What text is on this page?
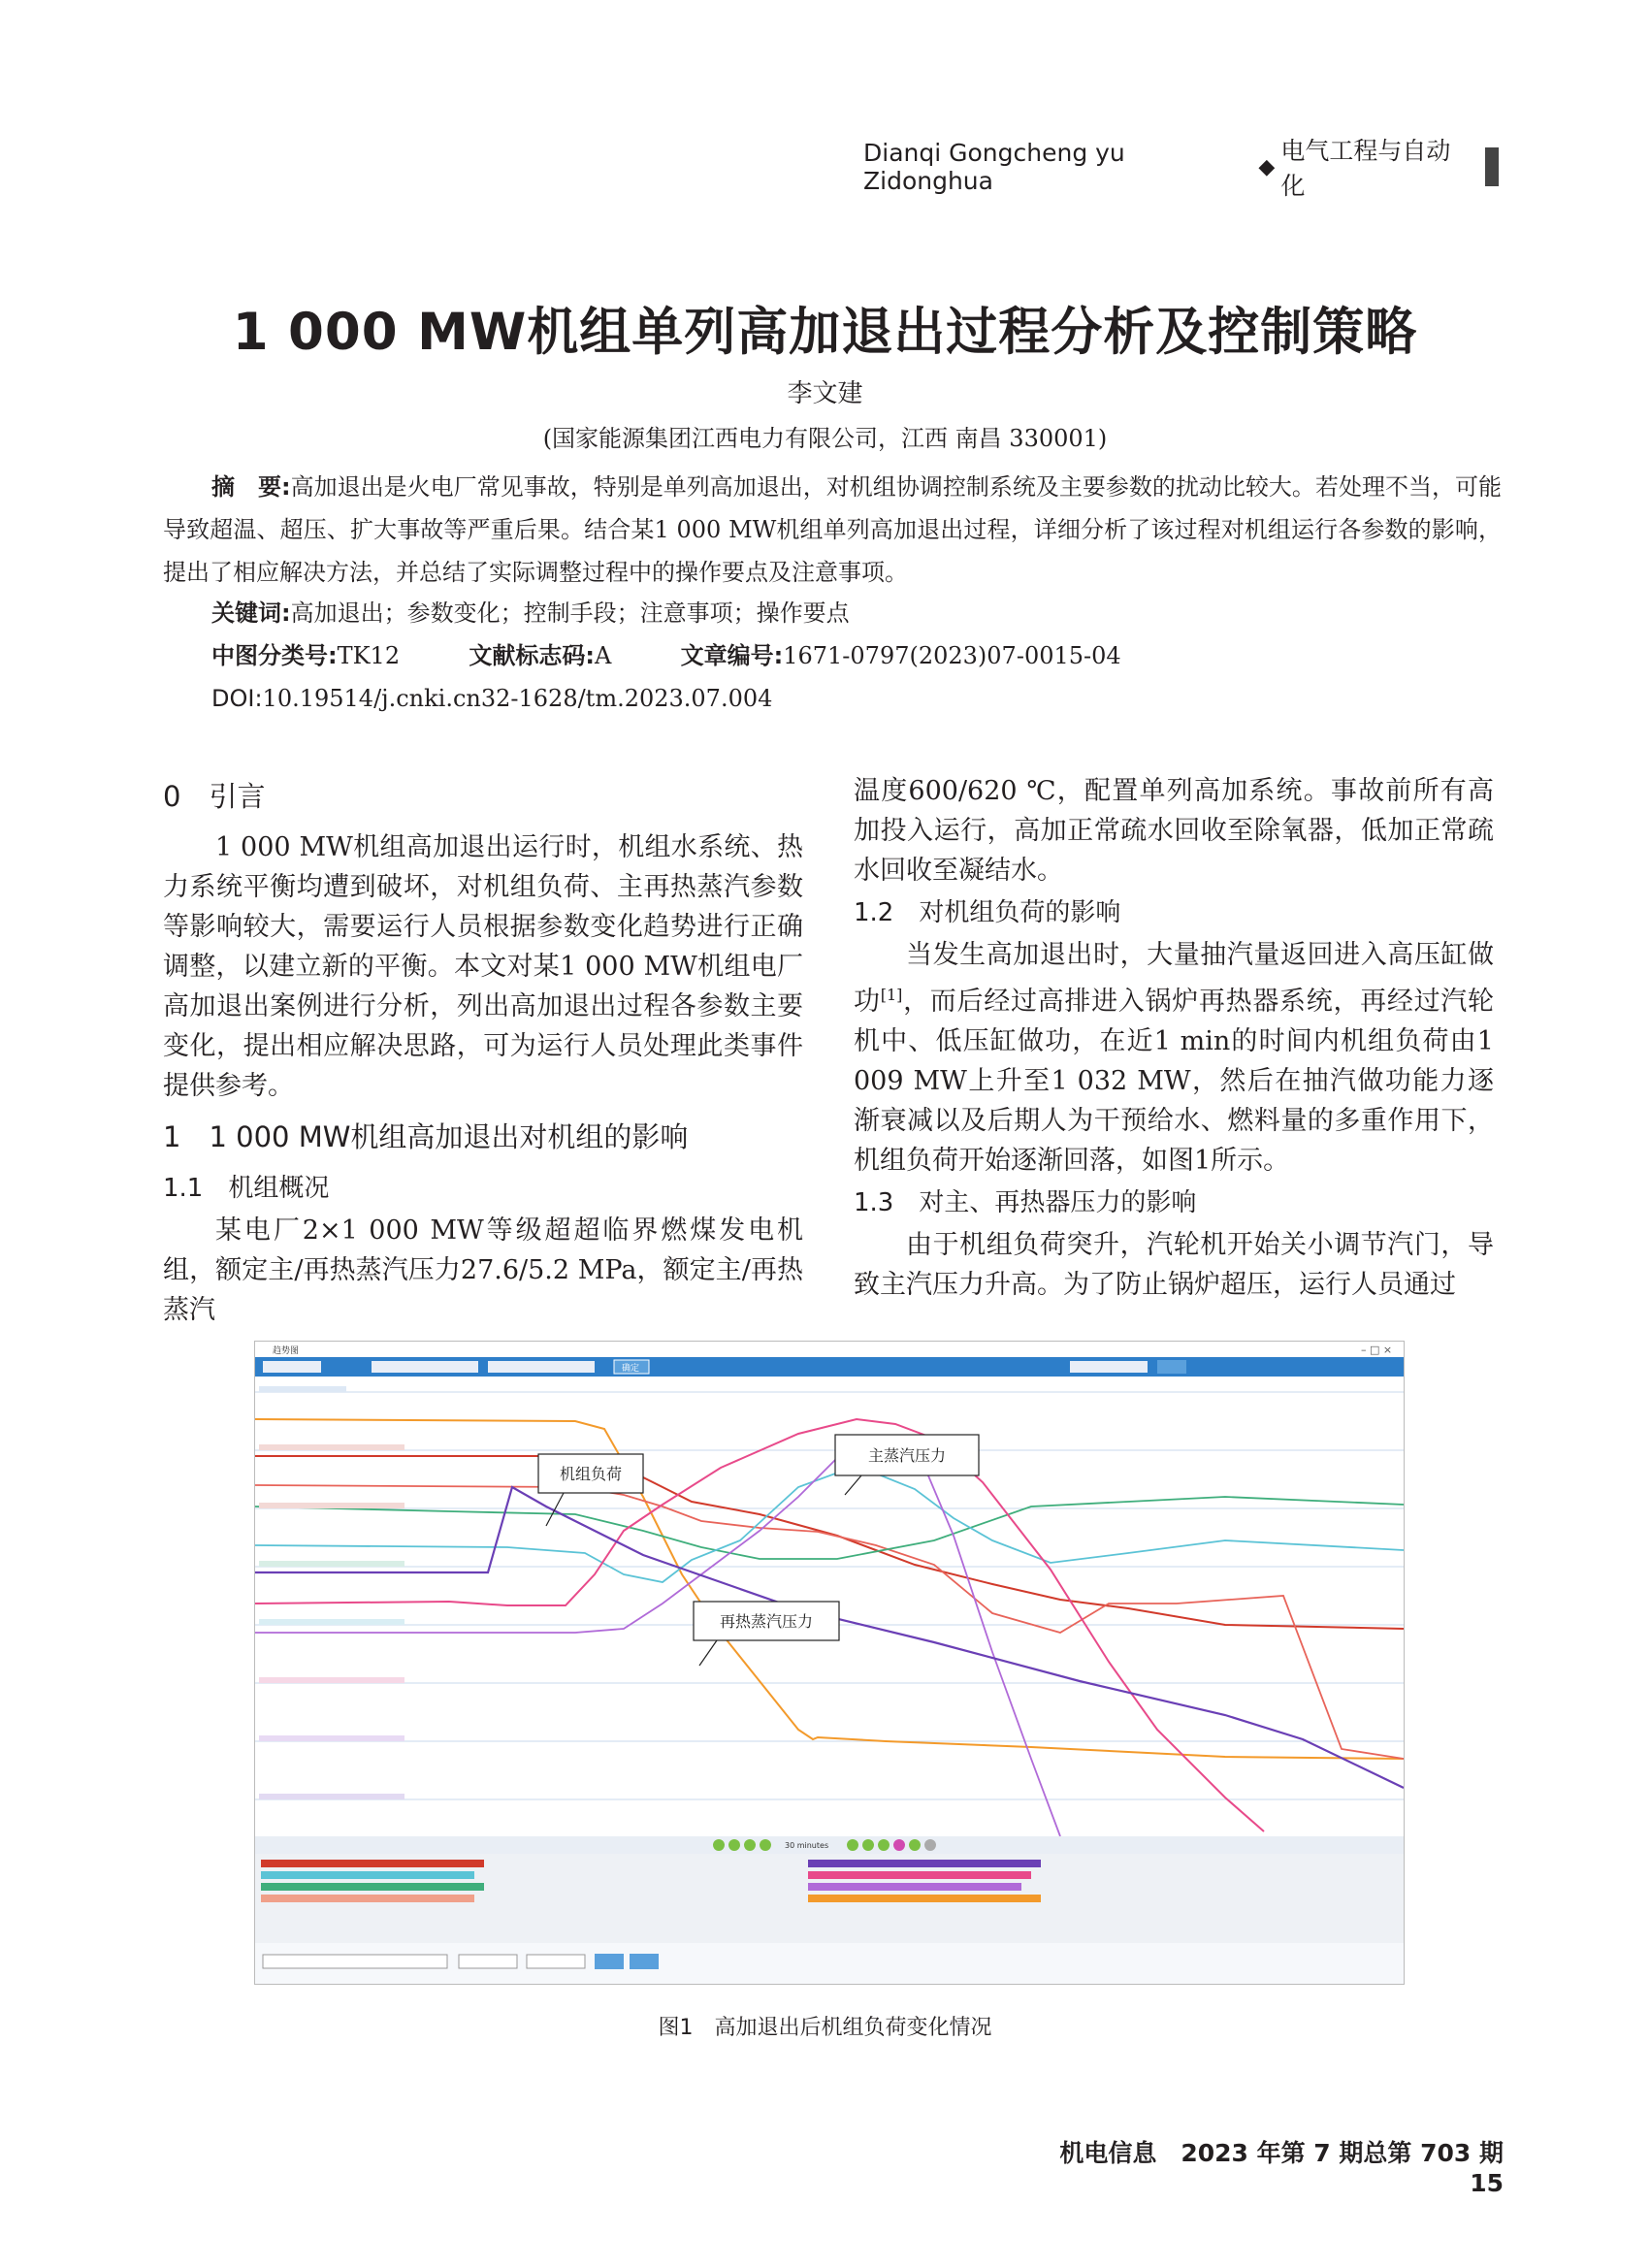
Dianqi Gongcheng yu Zidonghua	◆
电气工程与自动化
1 000 MW机组单列高加退出过程分析及控制策略
李文建
(国家能源集团江西电力有限公司，江西 南昌 330001)
摘　要:高加退出是火电厂常见事故，特别是单列高加退出，对机组协调控制系统及主要参数的扰动比较大。若处理不当，可能导致超温、超压、扩大事故等严重后果。结合某1 000 MW机组单列高加退出过程，详细分析了该过程对机组运行各参数的影响，提出了相应解决方法，并总结了实际调整过程中的操作要点及注意事项。
关键词:高加退出；参数变化；控制手段；注意事项；操作要点
中图分类号:TK12	文献标志码:A	文章编号:1671-0797(2023)07-0015-04
DOI:10.19514/j.cnki.cn32-1628/tm.2023.07.004
0　引言

1 000 MW机组高加退出运行时，机组水系统、热力系统平衡均遭到破坏，对机组负荷、主再热蒸汽参数等影响较大，需要运行人员根据参数变化趋势进行正确调整，以建立新的平衡。本文对某1 000 MW机组电厂高加退出案例进行分析，列出高加退出过程各参数主要变化，提出相应解决思路，可为运行人员处理此类事件提供参考。

1　1 000 MW机组高加退出对机组的影响
1.1　机组概况

某电厂2×1 000 MW等级超超临界燃煤发电机组，额定主/再热蒸汽压力27.6/5.2 MPa，额定主/再热蒸汽

温度600/620 ℃，配置单列高加系统。事故前所有高加投入运行，高加正常疏水回收至除氧器，低加正常疏水回收至凝结水。

1.2　对机组负荷的影响

当发生高加退出时，大量抽汽量返回进入高压缸做功[1]，而后经过高排进入锅炉再热器系统，再经过汽轮机中、低压缸做功，在近1 min的时间内机组负荷由1 009 MW上升至1 032 MW，然后在抽汽做功能力逐渐衰减以及后期人为干预给水、燃料量的多重作用下，机组负荷开始逐渐回落，如图1所示。

1.3　对主、再热器压力的影响

由于机组负荷突升，汽轮机开始关小调节汽门，导致主汽压力升高。为了防止锅炉超压，运行人员通过

趋势图	– □ ×
确定
机组负荷
主蒸汽压力
再热蒸汽压力
30 minutes
图1　高加退出后机组负荷变化情况
机电信息　2023 年第 7 期总第 703 期　15
